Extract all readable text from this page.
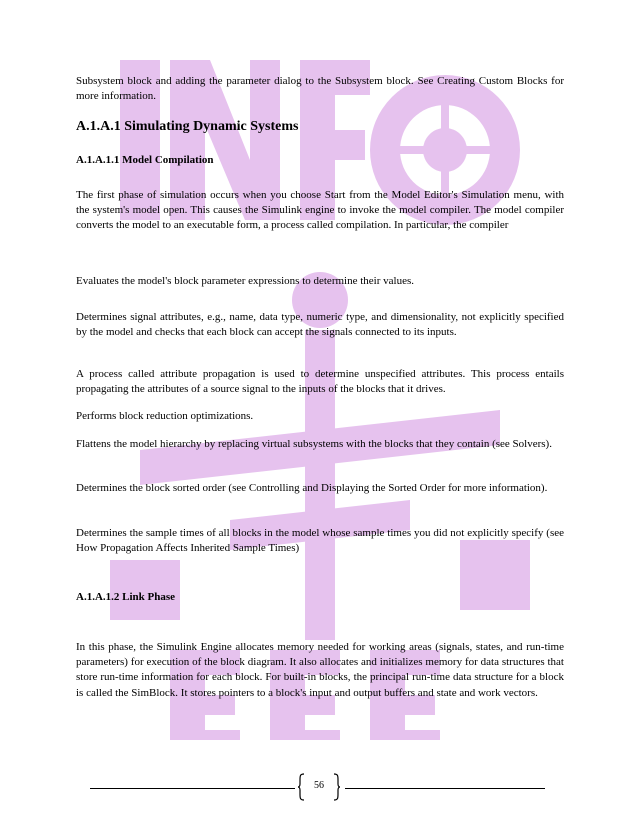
Subsystem block and adding the parameter dialog to the Subsystem block. See Creating Custom Blocks for more information.

A.1.A.1 Simulating Dynamic Systems
A.1.A.1.1 Model Compilation

The first phase of simulation occurs when you choose Start from the Model Editor's Simulation menu, with the system's model open. This causes the Simulink engine to invoke the model compiler. The model compiler converts the model to an executable form, a process called compilation. In particular, the compiler

Evaluates the model's block parameter expressions to determine their values.

Determines signal attributes, e.g., name, data type, numeric type, and dimensionality, not explicitly specified by the model and checks that each block can accept the signals connected to its inputs.

A process called attribute propagation is used to determine unspecified attributes. This process entails propagating the attributes of a source signal to the inputs of the blocks that it drives.

Performs block reduction optimizations.

Flattens the model hierarchy by replacing virtual subsystems with the blocks that they contain (see Solvers).

Determines the block sorted order (see Controlling and Displaying the Sorted Order for more information).

Determines the sample times of all blocks in the model whose sample times you did not explicitly specify (see How Propagation Affects Inherited Sample Times)

A.1.A.1.2 Link Phase

In this phase, the Simulink Engine allocates memory needed for working areas (signals, states, and run-time parameters) for execution of the block diagram. It also allocates and initializes memory for data structures that store run-time information for each block. For built-in blocks, the principal run-time data structure for a block is called the SimBlock. It stores pointers to a block's input and output buffers and state and work vectors.

56
